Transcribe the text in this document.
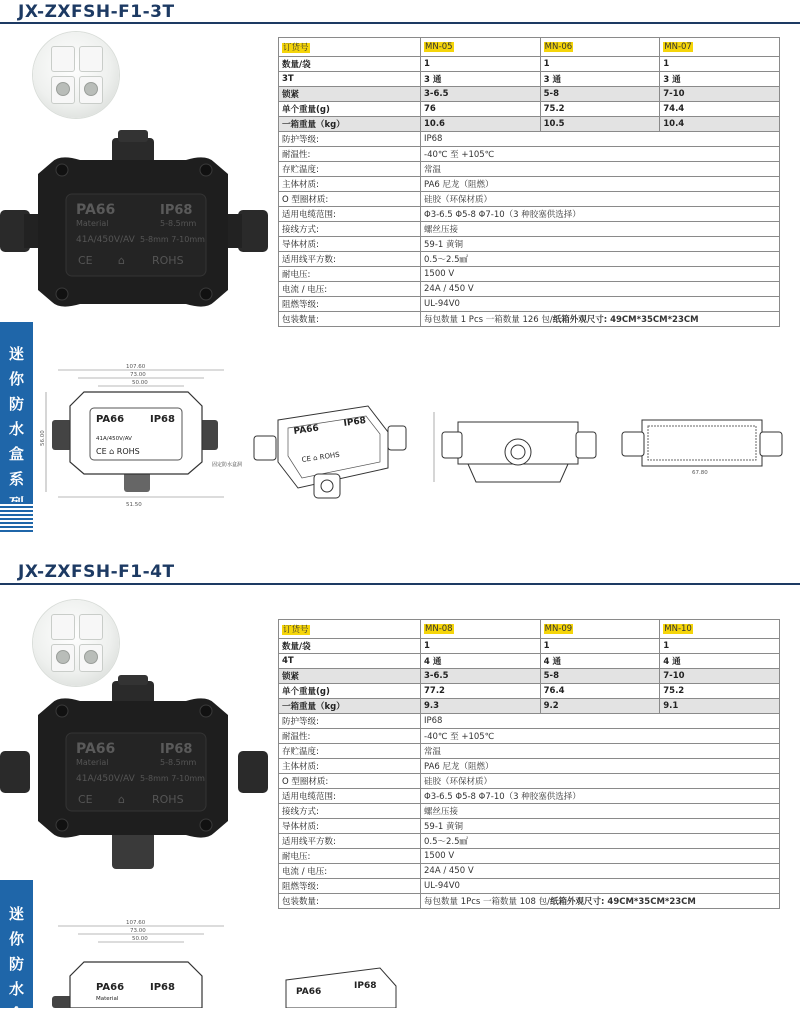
JX-ZXFSH-F1-3T
PA66	IP68
Material	5-8.5mm
41A/450V/AV 5-8mm 7-10mm
CE ⌂ ROHS
订货号	MN-05	MN-06	MN-07
数量/袋	1	1	1
3T	3 通	3 通	3 通
锁紧	3-6.5	5-8	7-10
单个重量(g)	76	75.2	74.4
一箱重量（kg）	10.6	10.5	10.4
防护等级:	IP68		
耐温性:	-40℃ 至 +105℃		
存贮温度:	常温		
主体材质:	PA6 尼龙（阻燃）		
O 型圈材质:	硅胶（环保材质）		
适用电缆范围:	Φ3-6.5 Φ5-8 Φ7-10（3 种胶塞供选择）		
接线方式:	螺丝压接		
导体材质:	59-1 黄铜		
适用线平方数:	0.5～2.5㎟		
耐电压:	1500 V		
电流 / 电压:	24A / 450 V		
阻燃等级:	UL-94V0		
包装数量:	每包数量 1 Pcs 一箱数量 126 包/纸箱外观尺寸: 49CM*35CM*23CM		
迷
你
防
水
盒
系
107.60
73.00
50.00
56.00
51.50
PA66	IP68
41A/450V/AV
CE ⌂ ROHS
固定防水盒洞
PA66
IP68
CE ⌂ ROHS
67.80
JX-ZXFSH-F1-4T
PA66	IP68
Material	5-8.5mm
41A/450V/AV 5-8mm 7-10mm
CE ⌂ ROHS
订货号	MN-08	MN-09	MN-10
数量/袋	1	1	1
4T	4 通	4 通	4 通
锁紧	3-6.5	5-8	7-10
单个重量(g)	77.2	76.4	75.2
一箱重量（kg）	9.3	9.2	9.1
防护等级:	IP68		
耐温性:	-40℃ 至 +105℃		
存贮温度:	常温		
主体材质:	PA6 尼龙（阻燃）		
O 型圈材质:	硅胶（环保材质）		
适用电缆范围:	Φ3-6.5 Φ5-8 Φ7-10（3 种胶塞供选择）		
接线方式:	螺丝压接		
导体材质:	59-1 黄铜		
适用线平方数:	0.5～2.5㎟		
耐电压:	1500 V		
电流 / 电压:	24A / 450 V		
阻燃等级:	UL-94V0		
包装数量:	每包数量 1Pcs 一箱数量 108 包/纸箱外观尺寸: 49CM*35CM*23CM		
迷
你
防
水
盒
107.60
73.00
50.00
PA66	IP68
Material
PA66
IP68
